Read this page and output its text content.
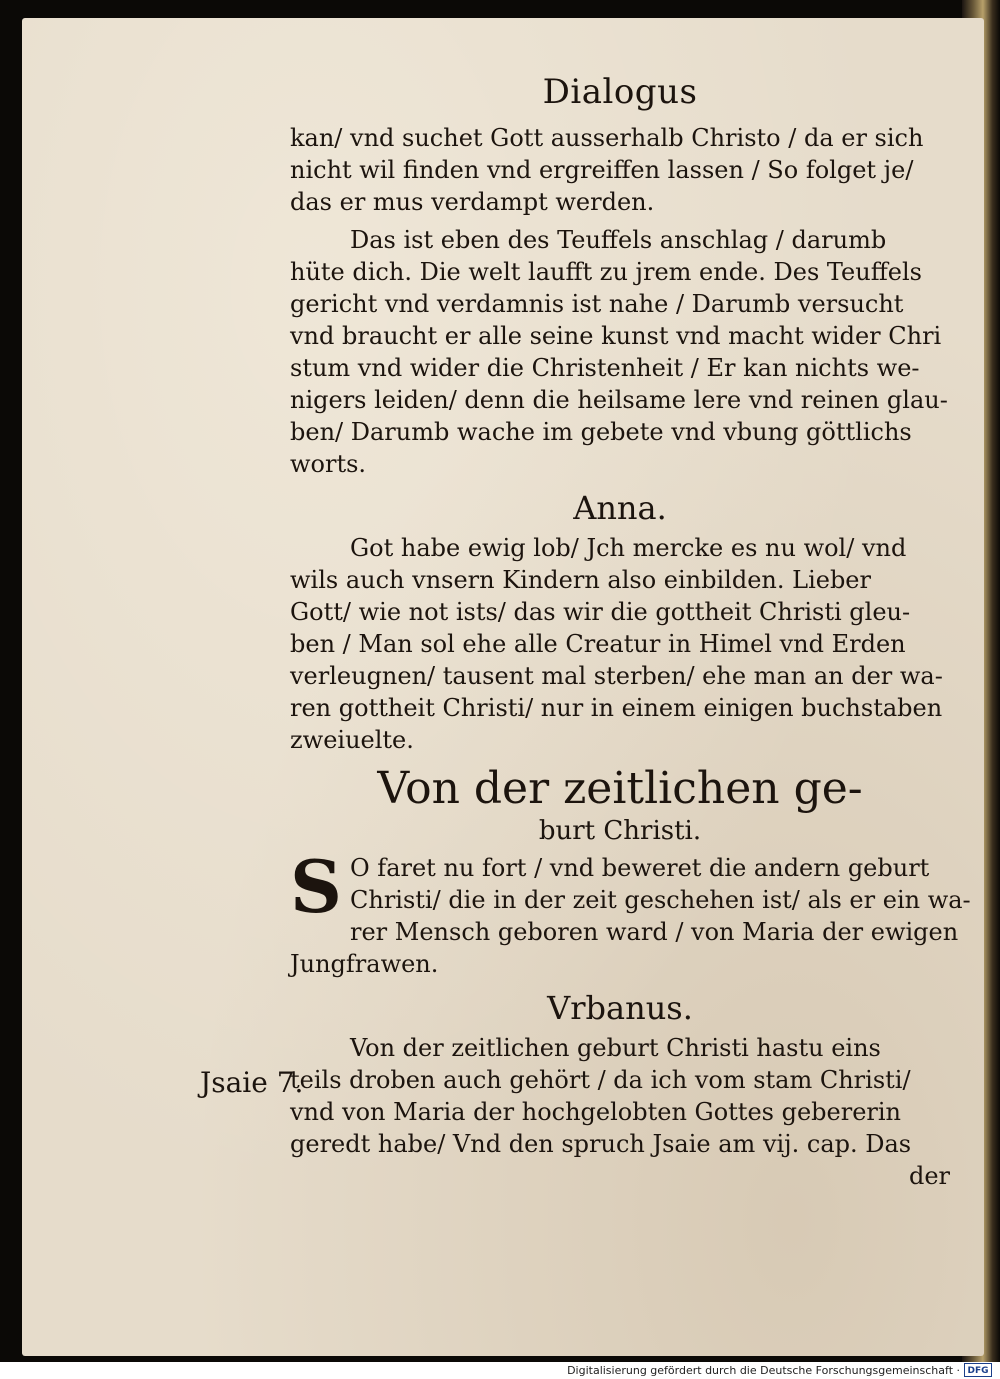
Dialogus

kan/ vnd suchet Gott ausserhalb Christo / da er sich
nicht wil finden vnd ergreiffen lassen / So folget je/
das er mus verdampt werden.

Das ist eben des Teuffels anschlag / darumb
hüte dich. Die welt laufft zu jrem ende. Des Teuffels
gericht vnd verdamnis ist nahe / Darumb versucht
vnd braucht er alle seine kunst vnd macht wider Chri
stum vnd wider die Christenheit / Er kan nichts we-
nigers leiden/ denn die heilsame lere vnd reinen glau-
ben/ Darumb wache im gebete vnd vbung göttlichs
worts.

Anna.

Got habe ewig lob/ Jch mercke es nu wol/ vnd
wils auch vnsern Kindern also einbilden. Lieber
Gott/ wie not ists/ das wir die gottheit Christi gleu-
ben / Man sol ehe alle Creatur in Himel vnd Erden
verleugnen/ tausent mal sterben/ ehe man an der wa-
ren gottheit Christi/ nur in einem einigen buchstaben
zweiuelte.

Von der zeitlichen ge-
burt Christi.
S O faret nu fort / vnd beweret die andern geburt
Christi/ die in der zeit geschehen ist/ als er ein wa-
rer Mensch geboren ward / von Maria der ewigen
Jungfrawen.

Vrbanus.

Von der zeitlichen geburt Christi hastu eins
teils droben auch gehört / da ich vom stam Christi/
vnd von Maria der hochgelobten Gottes gebererin
geredt habe/ Vnd den spruch Jsaie am vij. cap. Das

der

Jsaie 7.
Digitalisierung gefördert durch die Deutsche Forschungsgemeinschaft · DFG
